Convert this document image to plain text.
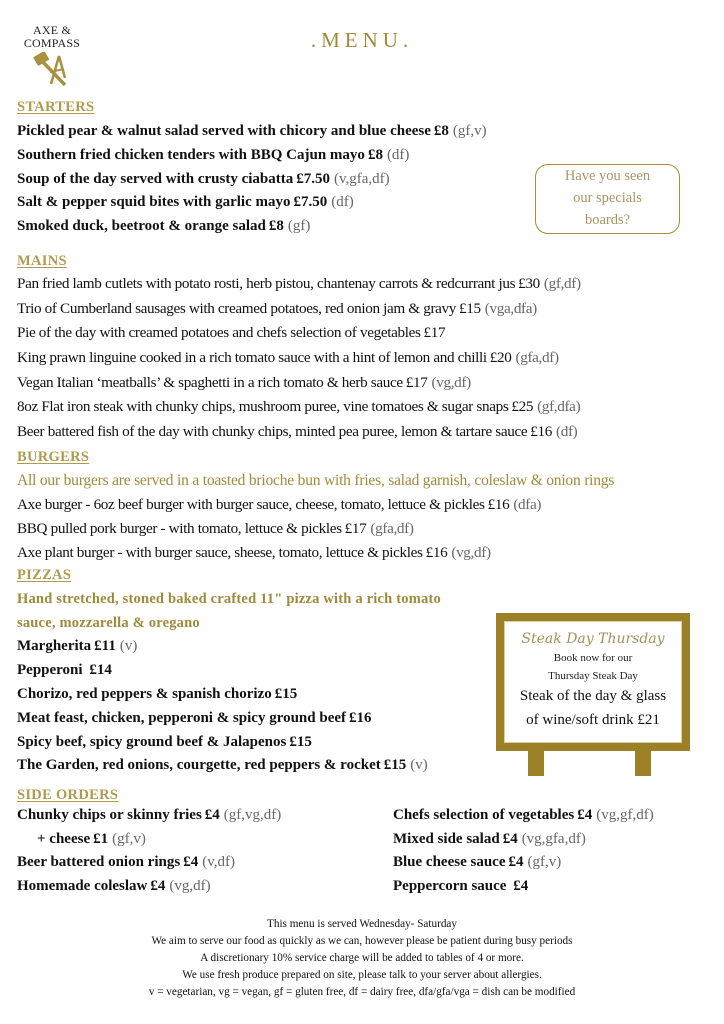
AXE &
COMPASS	.MENU.
STARTERS
Pickled pear & walnut salad served with chicory and blue cheese £8 (gf,v)
Southern fried chicken tenders with BBQ Cajun mayo £8 (df)
Soup of the day served with crusty ciabatta £7.50 (v,gfa,df)
Salt & pepper squid bites with garlic mayo £7.50 (df)
Smoked duck, beetroot & orange salad £8 (gf)
Have you seen
our specials
boards?
MAINS
Pan fried lamb cutlets with potato rosti, herb pistou, chantenay carrots & redcurrant jus £30 (gf,df)
Trio of Cumberland sausages with creamed potatoes, red onion jam & gravy £15 (vga,dfa)
Pie of the day with creamed potatoes and chefs selection of vegetables £17
King prawn linguine cooked in a rich tomato sauce with a hint of lemon and chilli £20 (gfa,df)
Vegan Italian ‘meatballs’ & spaghetti in a rich tomato & herb sauce £17 (vg,df)
8oz Flat iron steak with chunky chips, mushroom puree, vine tomatoes & sugar snaps £25 (gf,dfa)
Beer battered fish of the day with chunky chips, minted pea puree, lemon & tartare sauce £16 (df)
BURGERS
All our burgers are served in a toasted brioche bun with fries, salad garnish, coleslaw & onion rings
Axe burger - 6oz beef burger with burger sauce, cheese, tomato, lettuce & pickles £16 (dfa)
BBQ pulled pork burger - with tomato, lettuce & pickles £17 (gfa,df)
Axe plant burger - with burger sauce, sheese, tomato, lettuce & pickles £16 (vg,df)
PIZZAS
Hand stretched, stoned baked crafted 11" pizza with a rich tomato
sauce, mozzarella & oregano
Margherita £11 (v)
Pepperoni £14
Chorizo, red peppers & spanish chorizo £15
Meat feast, chicken, pepperoni & spicy ground beef £16
Spicy beef, spicy ground beef & Jalapenos £15
The Garden, red onions, courgette, red peppers & rocket £15 (v)
Steak Day Thursday
Book now for our
Thursday Steak Day
Steak of the day & glass
of wine/soft drink £21
SIDE ORDERS
Chunky chips or skinny fries £4 (gf,vg,df)
+ cheese £1 (gf,v)
Beer battered onion rings £4 (v,df)
Homemade coleslaw £4 (vg,df)
Chefs selection of vegetables £4 (vg,gf,df)
Mixed side salad £4 (vg,gfa,df)
Blue cheese sauce £4 (gf,v)
Peppercorn sauce £4
This menu is served Wednesday- Saturday
We aim to serve our food as quickly as we can, however please be patient during busy periods
A discretionary 10% service charge will be added to tables of 4 or more.
We use fresh produce prepared on site, please talk to your server about allergies.
v = vegetarian, vg = vegan, gf = gluten free, df = dairy free, dfa/gfa/vga = dish can be modified
